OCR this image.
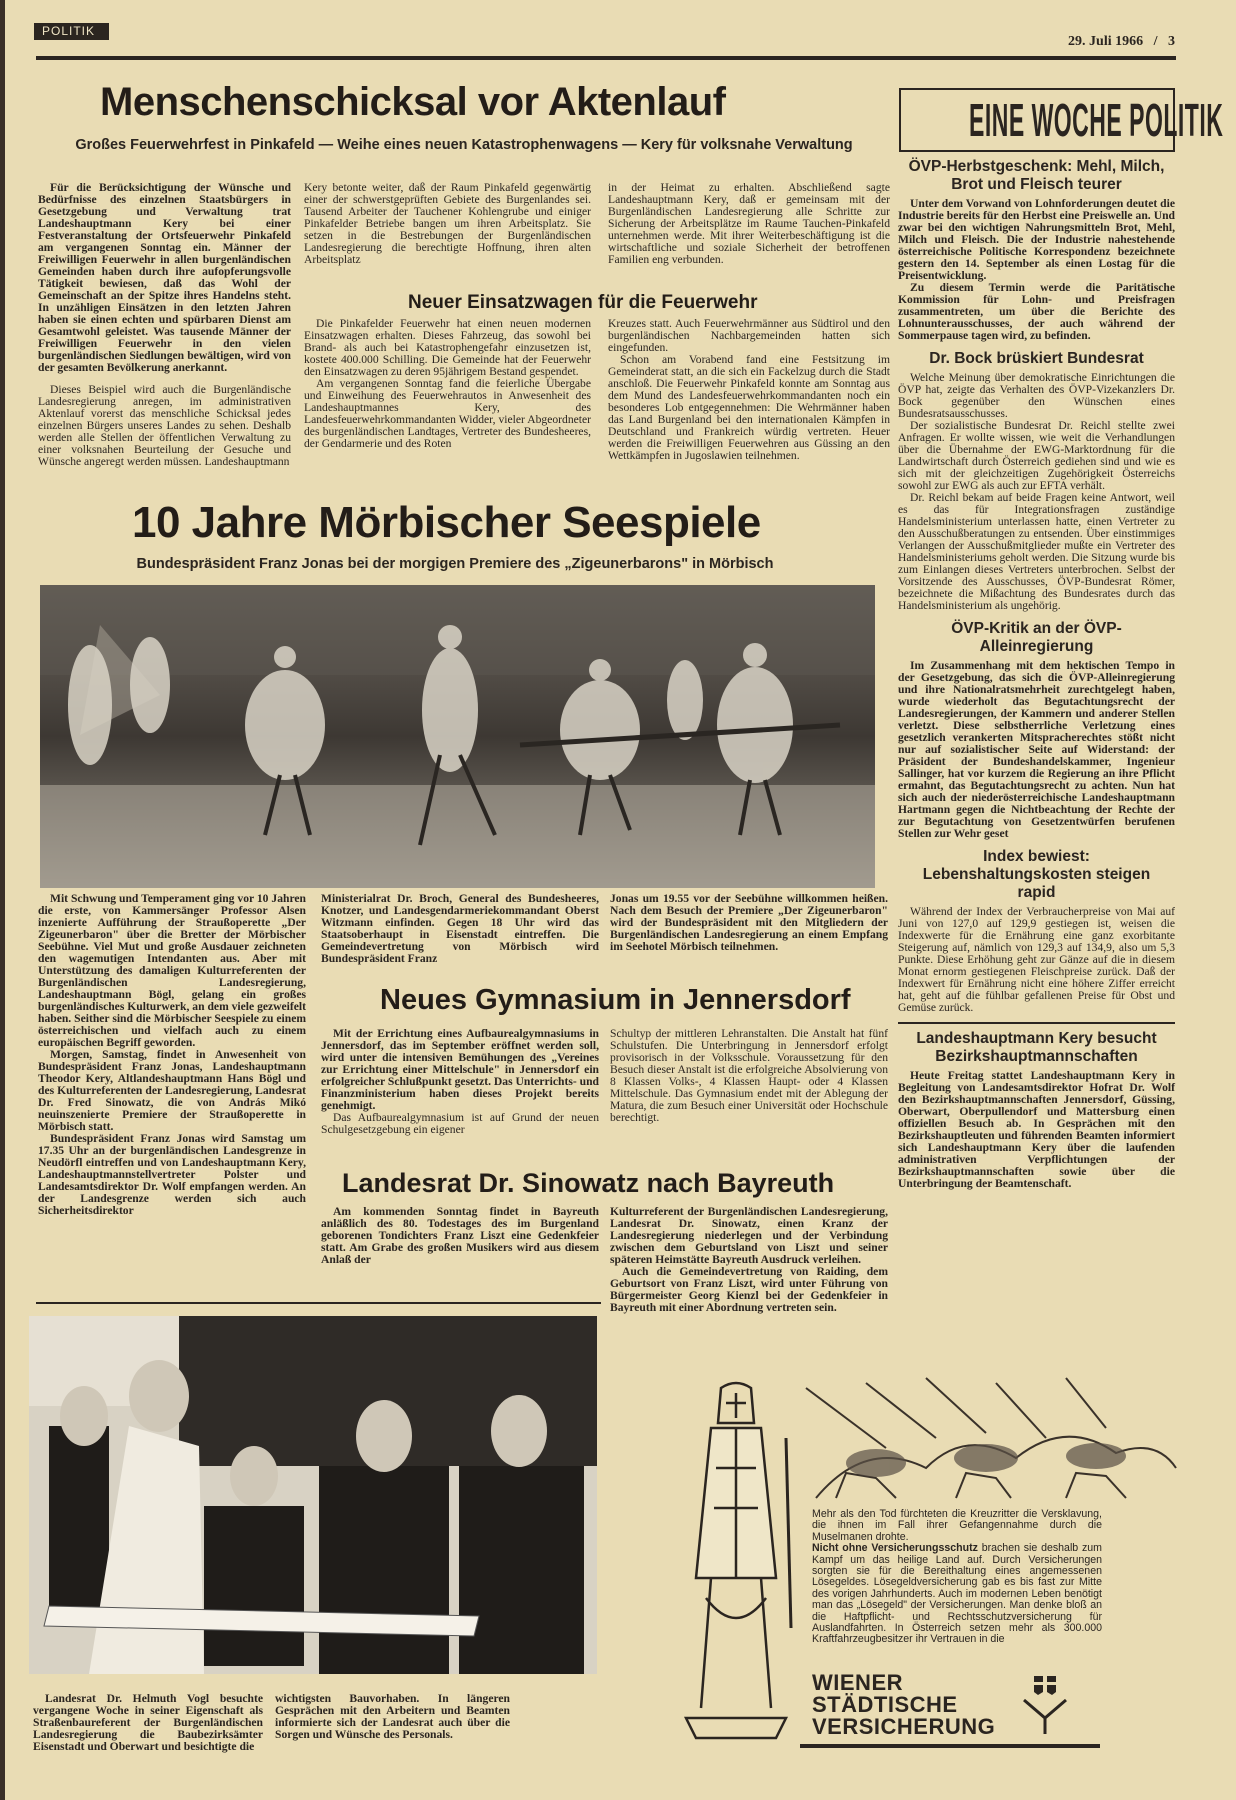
POLITIK
29. Juli 1966 / 3
Menschenschicksal vor Aktenlauf
Großes Feuerwehrfest in Pinkafeld — Weihe eines neuen Katastrophenwagens — Kery für volksnahe Verwaltung

Für die Berücksichtigung der Wünsche und Bedürfnisse des einzelnen Staatsbürgers in Gesetzgebung und Verwaltung trat Landeshauptmann Kery bei einer Festveranstaltung der Ortsfeuerwehr Pinkafeld am vergangenen Sonntag ein. Männer der Freiwilligen Feuerwehr in allen burgenländischen Gemeinden haben durch ihre aufopferungsvolle Tätigkeit bewiesen, daß das Wohl der Gemeinschaft an der Spitze ihres Handelns steht. In unzähligen Einsätzen in den letzten Jahren haben sie einen echten und spürbaren Dienst am Gesamtwohl geleistet. Was tausende Männer der Freiwilligen Feuerwehr in den vielen burgenländischen Siedlungen bewältigen, wird von der gesamten Bevölkerung anerkannt.

Dieses Beispiel wird auch die Burgenländische Landesregierung anregen, im administrativen Aktenlauf vorerst das menschliche Schicksal jedes einzelnen Bürgers unseres Landes zu sehen. Deshalb werden alle Stellen der öffentlichen Verwaltung zu einer volksnahen Beurteilung der Gesuche und Wünsche angeregt werden müssen. Landeshauptmann

Kery betonte weiter, daß der Raum Pinkafeld gegenwärtig einer der schwerstgeprüften Gebiete des Burgenlandes sei. Tausend Arbeiter der Tauchener Kohlengrube und einiger Pinkafelder Betriebe bangen um ihren Arbeitsplatz. Sie setzen in die Bestrebungen der Burgenländischen Landesregierung die berechtigte Hoffnung, ihren alten Arbeitsplatz

in der Heimat zu erhalten. Abschließend sagte Landeshauptmann Kery, daß er gemeinsam mit der Burgenländischen Landesregierung alle Schritte zur Sicherung der Arbeitsplätze im Raume Tauchen-Pinkafeld unternehmen werde. Mit ihrer Weiterbeschäftigung ist die wirtschaftliche und soziale Sicherheit der betroffenen Familien eng verbunden.

Neuer Einsatzwagen für die Feuerwehr

Die Pinkafelder Feuerwehr hat einen neuen modernen Einsatzwagen erhalten. Dieses Fahrzeug, das sowohl bei Brand- als auch bei Katastrophengefahr einzusetzen ist, kostete 400.000 Schilling. Die Gemeinde hat der Feuerwehr den Einsatzwagen zu deren 95jährigem Bestand gespendet.

Am vergangenen Sonntag fand die feierliche Übergabe und Einweihung des Feuerwehrautos in Anwesenheit des Landeshauptmannes Kery, des Landesfeuerwehrkommandanten Widder, vieler Abgeordneter des burgenländischen Landtages, Vertreter des Bundesheeres, der Gendarmerie und des Roten

Kreuzes statt. Auch Feuerwehrmänner aus Südtirol und den burgenländischen Nachbargemeinden hatten sich eingefunden.

Schon am Vorabend fand eine Festsitzung im Gemeinderat statt, an die sich ein Fackelzug durch die Stadt anschloß. Die Feuerwehr Pinkafeld konnte am Sonntag aus dem Mund des Landesfeuerwehrkommandanten noch ein besonderes Lob entgegennehmen: Die Wehrmänner haben das Land Burgenland bei den internationalen Kämpfen in Deutschland und Frankreich würdig vertreten. Heuer werden die Freiwilligen Feuerwehren aus Güssing an den Wettkämpfen in Jugoslawien teilnehmen.

10 Jahre Mörbischer Seespiele
Bundespräsident Franz Jonas bei der morgigen Premiere des „Zigeunerbarons" in Mörbisch

Mit Schwung und Temperament ging vor 10 Jahren die erste, von Kammersänger Professor Alsen inzenierte Aufführung der Straußoperette „Der Zigeunerbaron" über die Bretter der Mörbischer Seebühne. Viel Mut und große Ausdauer zeichneten den wagemutigen Intendanten aus. Aber mit Unterstützung des damaligen Kulturreferenten der Burgenländischen Landesregierung, Landeshauptmann Bögl, gelang ein großes burgenländisches Kulturwerk, an dem viele gezweifelt haben. Seither sind die Mörbischer Seespiele zu einem österreichischen und vielfach auch zu einem europäischen Begriff geworden.

Morgen, Samstag, findet in Anwesenheit von Bundespräsident Franz Jonas, Landeshauptmann Theodor Kery, Altlandeshauptmann Hans Bögl und des Kulturreferenten der Landesregierung, Landesrat Dr. Fred Sinowatz, die von András Mikó neuinszenierte Premiere der Straußoperette in Mörbisch statt.

Bundespräsident Franz Jonas wird Samstag um 17.35 Uhr an der burgenländischen Landesgrenze in Neudörfl eintreffen und von Landeshauptmann Kery, Landeshauptmannstellvertreter Polster und Landesamtsdirektor Dr. Wolf empfangen werden. An der Landesgrenze werden sich auch Sicherheitsdirektor

Ministerialrat Dr. Broch, General des Bundesheeres, Knotzer, und Landesgendarmeriekommandant Oberst Witzmann einfinden. Gegen 18 Uhr wird das Staatsoberhaupt in Eisenstadt eintreffen. Die Gemeindevertretung von Mörbisch wird Bundespräsident Franz

Jonas um 19.55 vor der Seebühne willkommen heißen. Nach dem Besuch der Premiere „Der Zigeunerbaron" wird der Bundespräsident mit den Mitgliedern der Burgenländischen Landesregierung an einem Empfang im Seehotel Mörbisch teilnehmen.

Neues Gymnasium in Jennersdorf

Mit der Errichtung eines Aufbaurealgymnasiums in Jennersdorf, das im September eröffnet werden soll, wird unter die intensiven Bemühungen des „Vereines zur Errichtung einer Mittelschule" in Jennersdorf ein erfolgreicher Schlußpunkt gesetzt. Das Unterrichts- und Finanzministerium haben dieses Projekt bereits genehmigt.

Das Aufbaurealgymnasium ist auf Grund der neuen Schulgesetzgebung ein eigener

Schultyp der mittleren Lehranstalten. Die Anstalt hat fünf Schulstufen. Die Unterbringung in Jennersdorf erfolgt provisorisch in der Volksschule. Voraussetzung für den Besuch dieser Anstalt ist die erfolgreiche Absolvierung von 8 Klassen Volks-, 4 Klassen Haupt- oder 4 Klassen Mittelschule. Das Gymnasium endet mit der Ablegung der Matura, die zum Besuch einer Universität oder Hochschule berechtigt.

Landesrat Dr. Sinowatz nach Bayreuth

Am kommenden Sonntag findet in Bayreuth anläßlich des 80. Todestages des im Burgenland geborenen Tondichters Franz Liszt eine Gedenkfeier statt. Am Grabe des großen Musikers wird aus diesem Anlaß der

Kulturreferent der Burgenländischen Landesregierung, Landesrat Dr. Sinowatz, einen Kranz der Landesregierung niederlegen und der Verbindung zwischen dem Geburtsland von Liszt und seiner späteren Heimstätte Bayreuth Ausdruck verleihen.

Auch die Gemeindevertretung von Raiding, dem Geburtsort von Franz Liszt, wird unter Führung von Bürgermeister Georg Kienzl bei der Gedenkfeier in Bayreuth mit einer Abordnung vertreten sein.

Landesrat Dr. Helmuth Vogl besuchte vergangene Woche in seiner Eigenschaft als Straßenbaureferent der Burgenländischen Landesregierung die Baubezirksämter Eisenstadt und Oberwart und besichtigte die

wichtigsten Bauvorhaben. In längeren Gesprächen mit den Arbeitern und Beamten informierte sich der Landesrat auch über die Sorgen und Wünsche des Personals.

EINE WOCHE POLITIK
ÖVP-Herbstgeschenk: Mehl, Milch, Brot und Fleisch teurer

Unter dem Vorwand von Lohnforderungen deutet die Industrie bereits für den Herbst eine Preiswelle an. Und zwar bei den wichtigen Nahrungsmitteln Brot, Mehl, Milch und Fleisch. Die der Industrie nahestehende österreichische Politische Korrespondenz bezeichnete gestern den 14. September als einen Lostag für die Preisentwicklung.

Zu diesem Termin werde die Paritätische Kommission für Lohn- und Preisfragen zusammentreten, um über die Berichte des Lohnunterausschusses, der auch während der Sommerpause tagen wird, zu befinden.

Dr. Bock brüskiert Bundesrat

Welche Meinung über demokratische Einrichtungen die ÖVP hat, zeigte das Verhalten des ÖVP-Vizekanzlers Dr. Bock gegenüber den Wünschen eines Bundesratsausschusses.

Der sozialistische Bundesrat Dr. Reichl stellte zwei Anfragen. Er wollte wissen, wie weit die Verhandlungen über die Übernahme der EWG-Marktordnung für die Landwirtschaft durch Österreich gediehen sind und wie es sich mit der gleichzeitigen Zugehörigkeit Österreichs sowohl zur EWG als auch zur EFTA verhält.

Dr. Reichl bekam auf beide Fragen keine Antwort, weil es das für Integrationsfragen zuständige Handelsministerium unterlassen hatte, einen Vertreter zu den Ausschußberatungen zu entsenden. Über einstimmiges Verlangen der Ausschußmitglieder mußte ein Vertreter des Handelsministeriums geholt werden. Die Sitzung wurde bis zum Einlangen dieses Vertreters unterbrochen. Selbst der Vorsitzende des Ausschusses, ÖVP-Bundesrat Römer, bezeichnete die Mißachtung des Bundesrates durch das Handelsministerium als ungehörig.

ÖVP-Kritik an der ÖVP-Alleinregierung

Im Zusammenhang mit dem hektischen Tempo in der Gesetzgebung, das sich die ÖVP-Alleinregierung und ihre Nationalratsmehrheit zurechtgelegt haben, wurde wiederholt das Begutachtungsrecht der Landesregierungen, der Kammern und anderer Stellen verletzt. Diese selbstherrliche Verletzung eines gesetzlich verankerten Mitspracherechtes stößt nicht nur auf sozialistischer Seite auf Widerstand: der Präsident der Bundeshandelskammer, Ingenieur Sallinger, hat vor kurzem die Regierung an ihre Pflicht ermahnt, das Begutachtungsrecht zu achten. Nun hat sich auch der niederösterreichische Landeshauptmann Hartmann gegen die Nichtbeachtung der Rechte der zur Begutachtung von Gesetzentwürfen berufenen Stellen zur Wehr geset

Index bewiest: Lebenshaltungskosten steigen rapid

Während der Index der Verbraucherpreise von Mai auf Juni von 127,0 auf 129,9 gestiegen ist, weisen die Indexwerte für die Ernährung eine ganz exorbitante Steigerung auf, nämlich von 129,3 auf 134,9, also um 5,3 Punkte. Diese Erhöhung geht zur Gänze auf die in diesem Monat ernorm gestiegenen Fleischpreise zurück. Daß der Indexwert für Ernährung nicht eine höhere Ziffer erreicht hat, geht auf die fühlbar gefallenen Preise für Obst und Gemüse zurück.

Landeshauptmann Kery besucht Bezirkshauptmannschaften

Heute Freitag stattet Landeshauptmann Kery in Begleitung von Landesamtsdirektor Hofrat Dr. Wolf den Bezirkshauptmannschaften Jennersdorf, Güssing, Oberwart, Oberpullendorf und Mattersburg einen offiziellen Besuch ab. In Gesprächen mit den Bezirkshauptleuten und führenden Beamten informiert sich Landeshauptmann Kery über die laufenden administrativen Verpflichtungen der Bezirkshauptmannschaften sowie über die Unterbringung der Beamtenschaft.

Mehr als den Tod fürchteten die Kreuzritter die Versklavung, die ihnen im Fall ihrer Gefangennahme durch die Muselmanen drohte.
Nicht ohne Versicherungsschutz brachen sie deshalb zum Kampf um das heilige Land auf. Durch Versicherungen sorgten sie für die Bereithaltung eines angemessenen Lösegeldes. Lösegeldversicherung gab es bis fast zur Mitte des vorigen Jahrhunderts. Auch im modernen Leben benötigt man das „Lösegeld" der Versicherungen. Man denke bloß an die Haftpflicht- und Rechtsschutzversicherung für Auslandfahrten. In Österreich setzen mehr als 300.000 Kraftfahrzeugbesitzer ihr Vertrauen in die
WIENER
STÄDTISCHE
VERSICHERUNG
